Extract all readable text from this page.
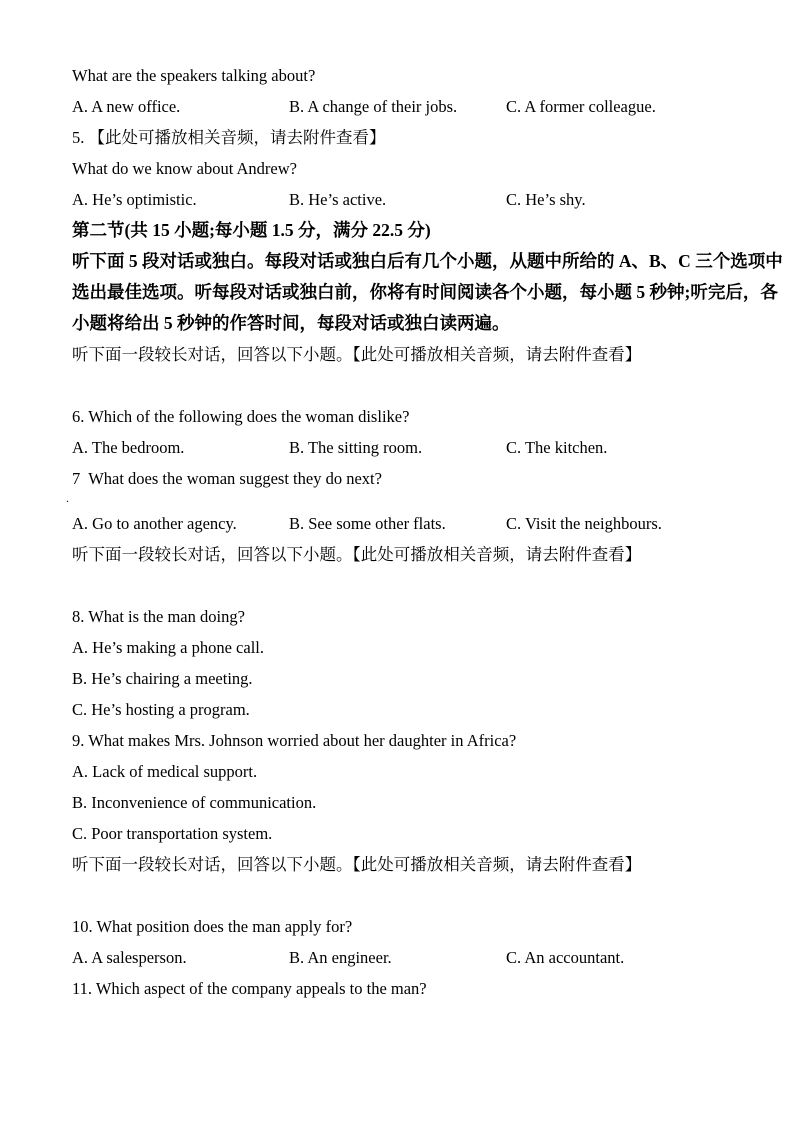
What are the speakers talking about?

A. A new office.	B. A change of their jobs.	C. A former colleague.

5. 【此处可播放相关音频，请去附件查看】

What do we know about Andrew?

A. He’s optimistic.	B. He’s active.	C. He’s shy.

第二节(共 15 小题;每小题 1.5 分，满分 22.5 分)

听下面 5 段对话或独白。每段对话或独白后有几个小题，从题中所给的 A、B、C 三个选项中

选出最佳选项。听每段对话或独白前，你将有时间阅读各个小题，每小题 5 秒钟;听完后，各

小题将给出 5 秒钟的作答时间，每段对话或独白读两遍。

听下面一段较长对话，回答以下小题。【此处可播放相关音频，请去附件查看】

6. Which of the following does the woman dislike?

A. The bedroom.	B. The sitting room.	C. The kitchen.

7  What does the woman suggest they do next?

.

A. Go to another agency.	B. See some other flats.	C. Visit the neighbours.

听下面一段较长对话，回答以下小题。【此处可播放相关音频，请去附件查看】

8. What is the man doing?

A. He’s making a phone call.

B. He’s chairing a meeting.

C. He’s hosting a program.

9. What makes Mrs. Johnson worried about her daughter in Africa?

A. Lack of medical support.

B. Inconvenience of communication.

C. Poor transportation system.

听下面一段较长对话，回答以下小题。【此处可播放相关音频，请去附件查看】

10. What position does the man apply for?

A. A salesperson.	B. An engineer.	C. An accountant.

11. Which aspect of the company appeals to the man?
